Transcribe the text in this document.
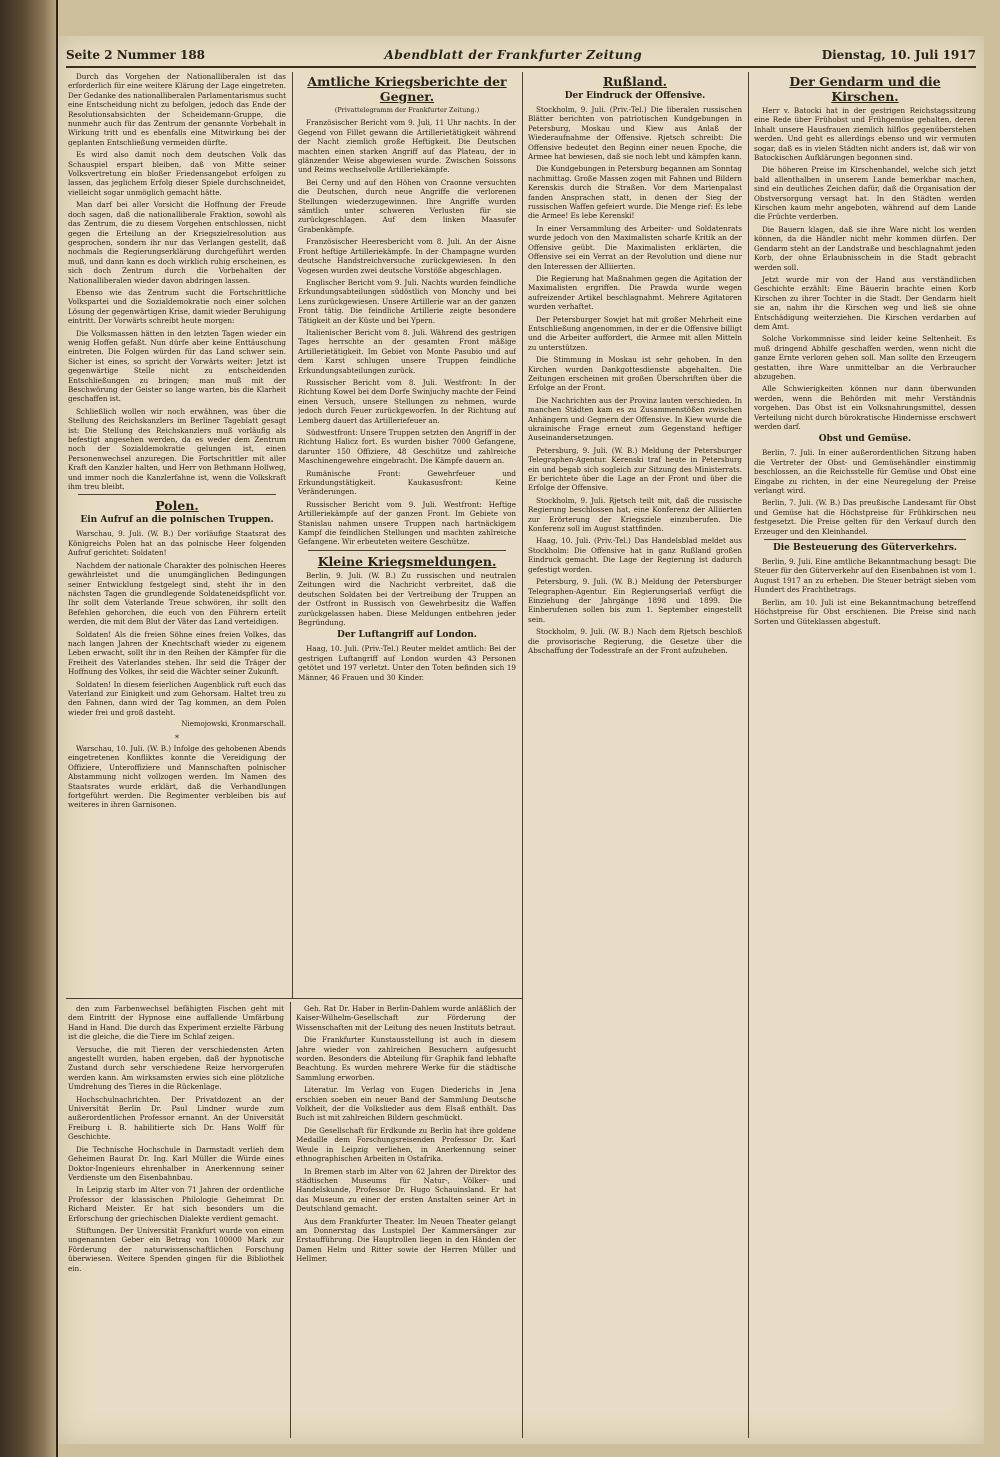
Seite 2 Nummer 188	Abendblatt der Frankfurter Zeitung	Dienstag, 10. Juli 1917

Durch das Vorgehen der Nationalliberalen ist das erforderlich für eine weitere Klärung der Lage eingetreten. Der Gedanke des nationalliberalen Parlamentarismus sucht eine Entscheidung nicht zu befolgen, jedoch das Ende der Resolutionsabsichten der Scheidemann-Gruppe, die nunmehr auch für das Zentrum der genannte Vorbehalt in Wirkung tritt und es ebenfalls eine Mitwirkung bei der geplanten Entschließung vermeiden dürfte.

Es wird also damit noch dem deutschen Volk das Schauspiel erspart bleiben, daß von Mitte seiner Volksvertretung ein bloßer Friedensangebot erfolgen zu lassen, das jeglichem Erfolg dieser Spiele durchschneidet, vielleicht sogar unmöglich gemacht hätte.

Man darf bei aller Vorsicht die Hoffnung der Freude doch sagen, daß die nationalliberale Fraktion, sowohl als das Zentrum, die zu diesem Vorgehen entschlossen, nicht gegen die Erteilung an der Kriegszielresolution aus gesprochen, sondern ihr nur das Verlangen gestellt, daß nochmals die Regierungserklärung durchgeführt werden muß, und dann kann es doch wirklich ruhig erscheinen, es sich doch Zentrum durch die Vorbehalten der Nationalliberalen wieder davon abdringen lassen.

Ebenso wie das Zentrum sucht die Fortschrittliche Volkspartei und die Sozialdemokratie noch einer solchen Lösung der gegenwärtigen Krise, damit wieder Beruhigung eintritt. Der Vorwärts schreibt heute morgen:

Die Volksmassen hätten in den letzten Tagen wieder ein wenig Hoffen gefaßt. Nun dürfe aber keine Enttäuschung eintreten. Die Folgen würden für das Land schwer sein. Sicher ist eines, so spricht der Vorwärts weiter: Jetzt ist gegenwärtige Stelle nicht zu entscheidenden Entschließungen zu bringen; man muß mit der Beschwörung der Geister so lange warten, bis die Klarheit geschaffen ist.

Schließlich wollen wir noch erwähnen, was über die Stellung des Reichskanzlers im Berliner Tageblatt gesagt ist: Die Stellung des Reichskanzlers muß vorläufig als befestigt angesehen werden, da es weder dem Zentrum noch der Sozialdemokratie gelungen ist, einen Personenwechsel anzuregen. Die Fortschrittler mit aller Kraft den Kanzler halten, und Herr von Bethmann Hollweg, und immer noch die Kanzlerfahne ist, wenn die Volkskraft ihm treu bleibt.

Polen.
Ein Aufruf an die polnischen Truppen.

Warschau, 9. Juli. (W. B.) Der vorläufige Staatsrat des Königreichs Polen hat an das polnische Heer folgenden Aufruf gerichtet: Soldaten!

Nachdem der nationale Charakter des polnischen Heeres gewährleistet und die unumgänglichen Bedingungen seiner Entwicklung festgelegt sind, steht ihr in den nächsten Tagen die grundlegende Soldateneidspflicht vor. Ihr sollt dem Vaterlande Treue schwören, ihr sollt den Befehlen gehorchen, die euch von den Führern erteilt werden, die mit dem Blut der Väter das Land verteidigen.

Soldaten! Als die freien Söhne eines freien Volkes, das nach langen Jahren der Knechtschaft wieder zu eigenem Leben erwacht, sollt ihr in den Reihen der Kämpfer für die Freiheit des Vaterlandes stehen. Ihr seid die Träger der Hoffnung des Volkes, ihr seid die Wächter seiner Zukunft.

Soldaten! In diesem feierlichen Augenblick ruft euch das Vaterland zur Einigkeit und zum Gehorsam. Haltet treu zu den Fahnen, dann wird der Tag kommen, an dem Polen wieder frei und groß dasteht.

Niemojowski, Kronmarschall.
*

Warschau, 10. Juli. (W. B.) Infolge des gehobenen Abends eingetretenen Konfliktes konnte die Vereidigung der Offiziere, Unteroffiziere und Mannschaften polnischer Abstammung nicht vollzogen werden. Im Namen des Staatsrates wurde erklärt, daß die Verhandlungen fortgeführt werden. Die Regimenter verbleiben bis auf weiteres in ihren Garnisonen.

Amtliche Kriegsberichte der Gegner.
(Privattelegramm der Frankfurter Zeitung.)

Französischer Bericht vom 9. Juli, 11 Uhr nachts. In der Gegend von Fillet gewann die Artillerietätigkeit während der Nacht ziemlich große Heftigkeit. Die Deutschen machten einen starken Angriff auf das Plateau, der in glänzender Weise abgewiesen wurde. Zwischen Soissons und Reims wechselvolle Artilleriekämpfe.

Bei Cerny und auf den Höhen von Craonne versuchten die Deutschen, durch neue Angriffe die verlorenen Stellungen wiederzugewinnen. Ihre Angriffe wurden sämtlich unter schweren Verlusten für sie zurückgeschlagen. Auf dem linken Maasufer Grabenkämpfe.

Französischer Heeresbericht vom 8. Juli. An der Aisne Front heftige Artilleriekämpfe. In der Champagne wurden deutsche Handstreichversuche zurückgewiesen. In den Vogesen wurden zwei deutsche Vorstöße abgeschlagen.

Englischer Bericht vom 9. Juli. Nachts wurden feindliche Erkundungsabteilungen südöstlich von Monchy und bei Lens zurückgewiesen. Unsere Artillerie war an der ganzen Front tätig. Die feindliche Artillerie zeigte besondere Tätigkeit an der Küste und bei Ypern.

Italienischer Bericht vom 8. Juli. Während des gestrigen Tages herrschte an der gesamten Front mäßige Artillerietätigkeit. Im Gebiet von Monte Pasubio und auf dem Karst schlugen unsere Truppen feindliche Erkundungsabteilungen zurück.

Russischer Bericht vom 8. Juli. Westfront: In der Richtung Kowel bei dem Dorfe Swinjuchy machte der Feind einen Versuch, unsere Stellungen zu nehmen, wurde jedoch durch Feuer zurückgeworfen. In der Richtung auf Lemberg dauert das Artilleriefeuer an.

Südwestfront: Unsere Truppen setzten den Angriff in der Richtung Halicz fort. Es wurden bisher 7000 Gefangene, darunter 150 Offiziere, 48 Geschütze und zahlreiche Maschinengewehre eingebracht. Die Kämpfe dauern an.

Rumänische Front: Gewehrfeuer und Erkundungstätigkeit. Kaukasusfront: Keine Veränderungen.

Russischer Bericht vom 9. Juli. Westfront: Heftige Artilleriekämpfe auf der ganzen Front. Im Gebiete von Stanislau nahmen unsere Truppen nach hartnäckigem Kampf die feindlichen Stellungen und machten zahlreiche Gefangene. Wir erbeuteten weitere Geschütze.

Kleine Kriegsmeldungen.

Berlin, 9. Juli. (W. B.) Zu russischen und neutralen Zeitungen wird die Nachricht verbreitet, daß die deutschen Soldaten bei der Vertreibung der Truppen an der Ostfront in Russisch von Gewehrbesitz die Waffen zurückgelassen haben. Diese Meldungen entbehren jeder Begründung.

Der Luftangriff auf London.

Haag, 10. Juli. (Priv.-Tel.) Reuter meldet amtlich: Bei der gestrigen Luftangriff auf London wurden 43 Personen getötet und 197 verletzt. Unter den Toten befinden sich 19 Männer, 46 Frauen und 30 Kinder.

Rußland.
Der Eindruck der Offensive.

Stockholm, 9. Juli. (Priv.-Tel.) Die liberalen russischen Blätter berichten von patriotischen Kundgebungen in Petersburg, Moskau und Kiew aus Anlaß der Wiederaufnahme der Offensive. Rjetsch schreibt: Die Offensive bedeutet den Beginn einer neuen Epoche, die Armee hat bewiesen, daß sie noch lebt und kämpfen kann.

Die Kundgebungen in Petersburg begannen am Sonntag nachmittag. Große Massen zogen mit Fahnen und Bildern Kerenskis durch die Straßen. Vor dem Marienpalast fanden Ansprachen statt, in denen der Sieg der russischen Waffen gefeiert wurde. Die Menge rief: Es lebe die Armee! Es lebe Kerenski!

In einer Versammlung des Arbeiter- und Soldatenrats wurde jedoch von den Maximalisten scharfe Kritik an der Offensive geübt. Die Maximalisten erklärten, die Offensive sei ein Verrat an der Revolution und diene nur den Interessen der Alliierten.

Die Regierung hat Maßnahmen gegen die Agitation der Maximalisten ergriffen. Die Prawda wurde wegen aufreizender Artikel beschlagnahmt. Mehrere Agitatoren wurden verhaftet.

Der Petersburger Sowjet hat mit großer Mehrheit eine Entschließung angenommen, in der er die Offensive billigt und die Arbeiter auffordert, die Armee mit allen Mitteln zu unterstützen.

Die Stimmung in Moskau ist sehr gehoben. In den Kirchen wurden Dankgottesdienste abgehalten. Die Zeitungen erscheinen mit großen Überschriften über die Erfolge an der Front.

Die Nachrichten aus der Provinz lauten verschieden. In manchen Städten kam es zu Zusammenstößen zwischen Anhängern und Gegnern der Offensive. In Kiew wurde die ukrainische Frage erneut zum Gegenstand heftiger Auseinandersetzungen.

Petersburg, 9. Juli. (W. B.) Meldung der Petersburger Telegraphen-Agentur. Kerenski traf heute in Petersburg ein und begab sich sogleich zur Sitzung des Ministerrats. Er berichtete über die Lage an der Front und über die Erfolge der Offensive.

Stockholm, 9. Juli. Rjetsch teilt mit, daß die russische Regierung beschlossen hat, eine Konferenz der Alliierten zur Erörterung der Kriegsziele einzuberufen. Die Konferenz soll im August stattfinden.

Haag, 10. Juli. (Priv.-Tel.) Das Handelsblad meldet aus Stockholm: Die Offensive hat in ganz Rußland großen Eindruck gemacht. Die Lage der Regierung ist dadurch gefestigt worden.

Petersburg, 9. Juli. (W. B.) Meldung der Petersburger Telegraphen-Agentur. Ein Regierungserlaß verfügt die Einziehung der Jahrgänge 1898 und 1899. Die Einberufenen sollen bis zum 1. September eingestellt sein.

Stockholm, 9. Juli. (W. B.) Nach dem Rjetsch beschloß die provisorische Regierung, die Gesetze über die Abschaffung der Todesstrafe an der Front aufzuheben.

Der Gendarm und die Kirschen.

Herr v. Batocki hat in der gestrigen Reichstagssitzung eine Rede über Frühobst und Frühgemüse gehalten, deren Inhalt unsere Hausfrauen ziemlich hilflos gegenüberstehen werden. Und geht es allerdings ebenso und wir vermuten sogar, daß es in vielen Städten nicht anders ist, daß wir von Batockischen Aufklärungen begonnen sind.

Die höheren Preise im Kirschenhandel, welche sich jetzt bald allenthalben in unserem Lande bemerkbar machen, sind ein deutliches Zeichen dafür, daß die Organisation der Obstversorgung versagt hat. In den Städten werden Kirschen kaum mehr angeboten, während auf dem Lande die Früchte verderben.

Die Bauern klagen, daß sie ihre Ware nicht los werden können, da die Händler nicht mehr kommen dürfen. Der Gendarm steht an der Landstraße und beschlagnahmt jeden Korb, der ohne Erlaubnisschein in die Stadt gebracht werden soll.

Jetzt wurde mir von der Hand aus verständlichen Geschichte erzählt: Eine Bäuerin brachte einen Korb Kirschen zu ihrer Tochter in die Stadt. Der Gendarm hielt sie an, nahm ihr die Kirschen weg und ließ sie ohne Entschädigung weiterziehen. Die Kirschen verdarben auf dem Amt.

Solche Vorkommnisse sind leider keine Seltenheit. Es muß dringend Abhilfe geschaffen werden, wenn nicht die ganze Ernte verloren gehen soll. Man sollte den Erzeugern gestatten, ihre Ware unmittelbar an die Verbraucher abzugeben.

Alle Schwierigkeiten können nur dann überwunden werden, wenn die Behörden mit mehr Verständnis vorgehen. Das Obst ist ein Volksnahrungsmittel, dessen Verteilung nicht durch bürokratische Hindernisse erschwert werden darf.

Obst und Gemüse.

Berlin, 7. Juli. In einer außerordentlichen Sitzung haben die Vertreter der Obst- und Gemüsehändler einstimmig beschlossen, an die Reichsstelle für Gemüse und Obst eine Eingabe zu richten, in der eine Neuregelung der Preise verlangt wird.

Berlin, 7. Juli. (W. B.) Das preußische Landesamt für Obst und Gemüse hat die Höchstpreise für Frühkirschen neu festgesetzt. Die Preise gelten für den Verkauf durch den Erzeuger und den Kleinhandel.

Die Besteuerung des Güterverkehrs.

Berlin, 9. Juli. Eine amtliche Bekanntmachung besagt: Die Steuer für den Güterverkehr auf den Eisenbahnen ist vom 1. August 1917 an zu erheben. Die Steuer beträgt sieben vom Hundert des Frachtbetrags.

Berlin, am 10. Juli ist eine Bekanntmachung betreffend Höchstpreise für Obst erschienen. Die Preise sind nach Sorten und Güteklassen abgestuft.

den zum Farbenwechsel befähigten Fischen geht mit dem Eintritt der Hypnose eine auffallende Umfärbung Hand in Hand. Die durch das Experiment erzielte Färbung ist die gleiche, die die Tiere im Schlaf zeigen.

Versuche, die mit Tieren der verschiedensten Arten angestellt wurden, haben ergeben, daß der hypnotische Zustand durch sehr verschiedene Reize hervorgerufen werden kann. Am wirksamsten erwies sich eine plötzliche Umdrehung des Tieres in die Rückenlage.

Hochschulnachrichten. Der Privatdozent an der Universität Berlin Dr. Paul Lindner wurde zum außerordentlichen Professor ernannt. An der Universität Freiburg i. B. habilitierte sich Dr. Hans Wolff für Geschichte.

Die Technische Hochschule in Darmstadt verlieh dem Geheimen Baurat Dr. Ing. Karl Müller die Würde eines Doktor-Ingenieurs ehrenhalber in Anerkennung seiner Verdienste um den Eisenbahnbau.

In Leipzig starb im Alter von 71 Jahren der ordentliche Professor der klassischen Philologie Geheimrat Dr. Richard Meister. Er hat sich besonders um die Erforschung der griechischen Dialekte verdient gemacht.

Stiftungen. Der Universität Frankfurt wurde von einem ungenannten Geber ein Betrag von 100000 Mark zur Förderung der naturwissenschaftlichen Forschung überwiesen. Weitere Spenden gingen für die Bibliothek ein.

Geh. Rat Dr. Haber in Berlin-Dahlem wurde anläßlich der Kaiser-Wilhelm-Gesellschaft zur Förderung der Wissenschaften mit der Leitung des neuen Instituts betraut.

Die Frankfurter Kunstausstellung ist auch in diesem Jahre wieder von zahlreichen Besuchern aufgesucht worden. Besonders die Abteilung für Graphik fand lebhafte Beachtung. Es wurden mehrere Werke für die städtische Sammlung erworben.

Literatur. Im Verlag von Eugen Diederichs in Jena erschien soeben ein neuer Band der Sammlung Deutsche Volkheit, der die Volkslieder aus dem Elsaß enthält. Das Buch ist mit zahlreichen Bildern geschmückt.

Die Gesellschaft für Erdkunde zu Berlin hat ihre goldene Medaille dem Forschungsreisenden Professor Dr. Karl Weule in Leipzig verliehen, in Anerkennung seiner ethnographischen Arbeiten in Ostafrika.

In Bremen starb im Alter von 62 Jahren der Direktor des städtischen Museums für Natur-, Völker- und Handelskunde, Professor Dr. Hugo Schauinsland. Er hat das Museum zu einer der ersten Anstalten seiner Art in Deutschland gemacht.

Aus dem Frankfurter Theater. Im Neuen Theater gelangt am Donnerstag das Lustspiel Der Kammersänger zur Erstaufführung. Die Hauptrollen liegen in den Händen der Damen Helm und Ritter sowie der Herren Müller und Hellmer.
